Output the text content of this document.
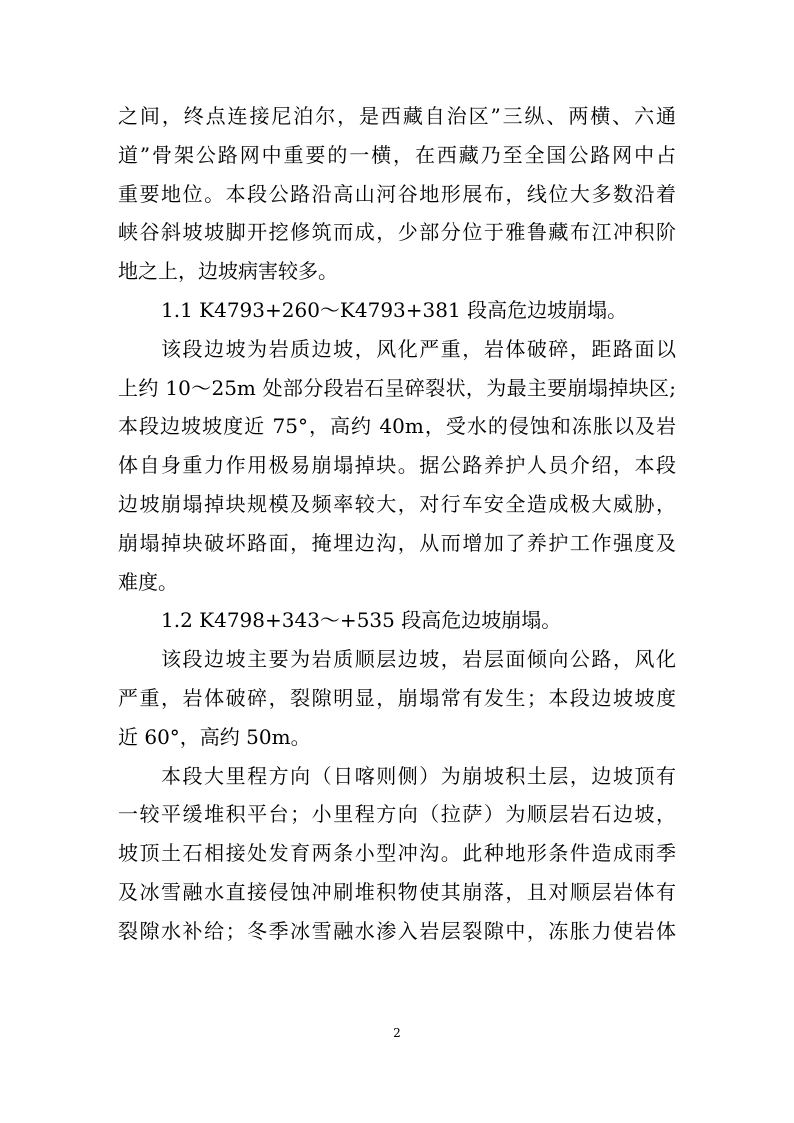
之间，终点连接尼泊尔，是西藏自治区”三纵、两横、六通
道”骨架公路网中重要的一横，在西藏乃至全国公路网中占
重要地位。本段公路沿高山河谷地形展布，线位大多数沿着
峡谷斜坡坡脚开挖修筑而成，少部分位于雅鲁藏布江冲积阶
地之上，边坡病害较多。
1.1 K4793+260～K4793+381 段高危边坡崩塌。
该段边坡为岩质边坡，风化严重，岩体破碎，距路面以
上约 10～25m 处部分段岩石呈碎裂状，为最主要崩塌掉块区;
本段边坡坡度近 75°，高约 40m，受水的侵蚀和冻胀以及岩
体自身重力作用极易崩塌掉块。据公路养护人员介绍，本段
边坡崩塌掉块规模及频率较大，对行车安全造成极大威胁，
崩塌掉块破坏路面，掩埋边沟，从而增加了养护工作强度及
难度。
1.2 K4798+343～+535 段高危边坡崩塌。
该段边坡主要为岩质顺层边坡，岩层面倾向公路，风化
严重，岩体破碎，裂隙明显，崩塌常有发生；本段边坡坡度
近 60°，高约 50m。
本段大里程方向（日喀则侧）为崩坡积土层，边坡顶有
一较平缓堆积平台；小里程方向（拉萨）为顺层岩石边坡，
坡顶土石相接处发育两条小型冲沟。此种地形条件造成雨季
及冰雪融水直接侵蚀冲刷堆积物使其崩落，且对顺层岩体有
裂隙水补给；冬季冰雪融水渗入岩层裂隙中，冻胀力使岩体
2
